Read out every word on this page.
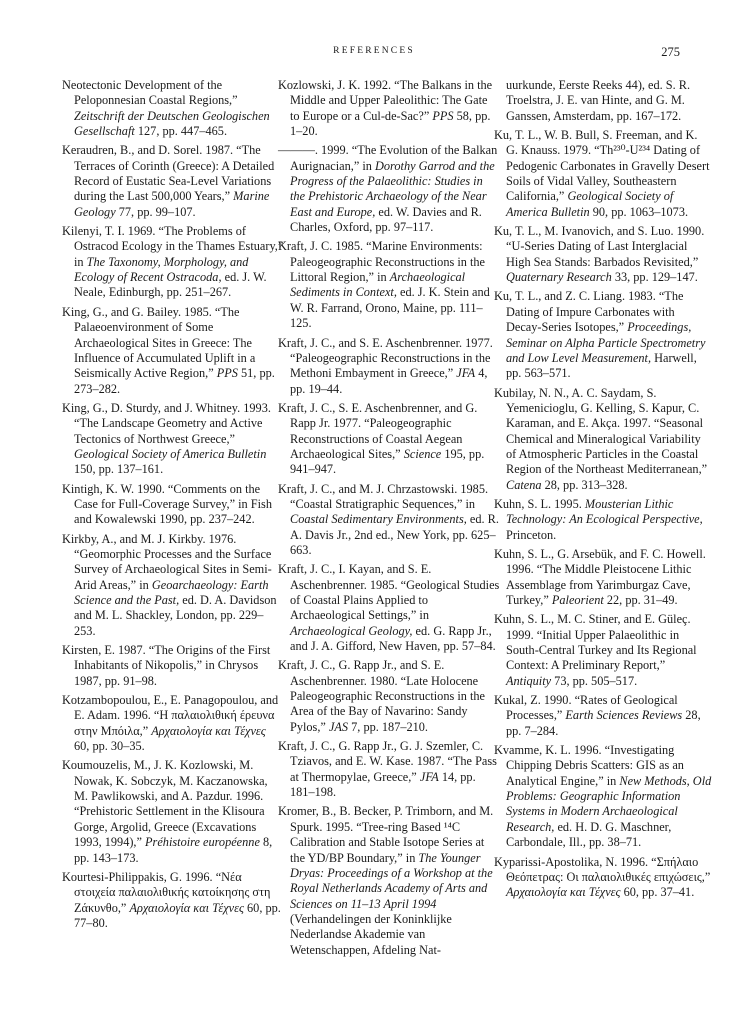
REFERENCES	275

Neotectonic Development of the Peloponnesian Coastal Regions,” Zeitschrift der Deutschen Geologischen Gesellschaft 127, pp. 447–465.

Keraudren, B., and D. Sorel. 1987. “The Terraces of Corinth (Greece): A Detailed Record of Eustatic Sea-Level Variations during the Last 500,000 Years,” Marine Geology 77, pp. 99–107.

Kilenyi, T. I. 1969. “The Problems of Ostracod Ecology in the Thames Estuary,” in The Taxonomy, Morphology, and Ecology of Recent Ostracoda, ed. J. W. Neale, Edinburgh, pp. 251–267.

King, G., and G. Bailey. 1985. “The Palaeoenvironment of Some Archaeological Sites in Greece: The Influence of Accumulated Uplift in a Seismically Active Region,” PPS 51, pp. 273–282.

King, G., D. Sturdy, and J. Whitney. 1993. “The Landscape Geometry and Active Tectonics of Northwest Greece,” Geological Society of America Bulletin 150, pp. 137–161.

Kintigh, K. W. 1990. “Comments on the Case for Full-Coverage Survey,” in Fish and Kowalewski 1990, pp. 237–242.

Kirkby, A., and M. J. Kirkby. 1976. “Geomorphic Processes and the Surface Survey of Archaeological Sites in Semi-Arid Areas,” in Geoarchaeology: Earth Science and the Past, ed. D. A. Davidson and M. L. Shackley, London, pp. 229–253.

Kirsten, E. 1987. “The Origins of the First Inhabitants of Nikopolis,” in Chrysos 1987, pp. 91–98.

Kotzambopoulou, E., E. Panagopoulou, and E. Adam. 1996. “Η παλαιολιθική έρευνα στην Μπόιλα,” Αρχαιολογία και Τέχνες 60, pp. 30–35.

Koumouzelis, M., J. K. Kozlowski, M. Nowak, K. Sobczyk, M. Kaczanowska, M. Pawlikowski, and A. Pazdur. 1996. “Prehistoric Settlement in the Klisoura Gorge, Argolid, Greece (Excavations 1993, 1994),” Préhistoire européenne 8, pp. 143–173.

Kourtesi-Philippakis, G. 1996. “Νέα στοιχεία παλαιολιθικής κατοίκησης στη Ζάκυνθο,” Αρχαιολογία και Τέχνες 60, pp. 77–80.

Kozlowski, J. K. 1992. “The Balkans in the Middle and Upper Paleolithic: The Gate to Europe or a Cul-de-Sac?” PPS 58, pp. 1–20.

———. 1999. “The Evolution of the Balkan Aurignacian,” in Dorothy Garrod and the Progress of the Palaeolithic: Studies in the Prehistoric Archaeology of the Near East and Europe, ed. W. Davies and R. Charles, Oxford, pp. 97–117.

Kraft, J. C. 1985. “Marine Environments: Paleogeographic Reconstructions in the Littoral Region,” in Archaeological Sediments in Context, ed. J. K. Stein and W. R. Farrand, Orono, Maine, pp. 111–125.

Kraft, J. C., and S. E. Aschenbrenner. 1977. “Paleogeographic Reconstructions in the Methoni Embayment in Greece,” JFA 4, pp. 19–44.

Kraft, J. C., S. E. Aschenbrenner, and G. Rapp Jr. 1977. “Paleogeographic Reconstructions of Coastal Aegean Archaeological Sites,” Science 195, pp. 941–947.

Kraft, J. C., and M. J. Chrzastowski. 1985. “Coastal Stratigraphic Sequences,” in Coastal Sedimentary Environments, ed. R. A. Davis Jr., 2nd ed., New York, pp. 625–663.

Kraft, J. C., I. Kayan, and S. E. Aschenbrenner. 1985. “Geological Studies of Coastal Plains Applied to Archaeological Settings,” in Archaeological Geology, ed. G. Rapp Jr., and J. A. Gifford, New Haven, pp. 57–84.

Kraft, J. C., G. Rapp Jr., and S. E. Aschenbrenner. 1980. “Late Holocene Paleogeographic Reconstructions in the Area of the Bay of Navarino: Sandy Pylos,” JAS 7, pp. 187–210.

Kraft, J. C., G. Rapp Jr., G. J. Szemler, C. Tziavos, and E. W. Kase. 1987. “The Pass at Thermopylae, Greece,” JFA 14, pp. 181–198.

Kromer, B., B. Becker, P. Trimborn, and M. Spurk. 1995. “Tree-ring Based ¹⁴C Calibration and Stable Isotope Series at the YD/BP Boundary,” in The Younger Dryas: Proceedings of a Workshop at the Royal Netherlands Academy of Arts and Sciences on 11–13 April 1994 (Verhandelingen der Koninklijke Nederlandse Akademie van Wetenschappen, Afdeling Nat-

uurkunde, Eerste Reeks 44), ed. S. R. Troelstra, J. E. van Hinte, and G. M. Ganssen, Amsterdam, pp. 167–172.

Ku, T. L., W. B. Bull, S. Freeman, and K. G. Knauss. 1979. “Th²³⁰-U²³⁴ Dating of Pedogenic Carbonates in Gravelly Desert Soils of Vidal Valley, Southeastern California,” Geological Society of America Bulletin 90, pp. 1063–1073.

Ku, T. L., M. Ivanovich, and S. Luo. 1990. “U-Series Dating of Last Interglacial High Sea Stands: Barbados Revisited,” Quaternary Research 33, pp. 129–147.

Ku, T. L., and Z. C. Liang. 1983. “The Dating of Impure Carbonates with Decay-Series Isotopes,” Proceedings, Seminar on Alpha Particle Spectrometry and Low Level Measurement, Harwell, pp. 563–571.

Kubilay, N. N., A. C. Saydam, S. Yemenicioglu, G. Kelling, S. Kapur, C. Karaman, and E. Akça. 1997. “Seasonal Chemical and Mineralogical Variability of Atmospheric Particles in the Coastal Region of the Northeast Mediterranean,” Catena 28, pp. 313–328.

Kuhn, S. L. 1995. Mousterian Lithic Technology: An Ecological Perspective, Princeton.

Kuhn, S. L., G. Arsebük, and F. C. Howell. 1996. “The Middle Pleistocene Lithic Assemblage from Yarimburgaz Cave, Turkey,” Paleorient 22, pp. 31–49.

Kuhn, S. L., M. C. Stiner, and E. Güleç. 1999. “Initial Upper Palaeolithic in South-Central Turkey and Its Regional Context: A Preliminary Report,” Antiquity 73, pp. 505–517.

Kukal, Z. 1990. “Rates of Geological Processes,” Earth Sciences Reviews 28, pp. 7–284.

Kvamme, K. L. 1996. “Investigating Chipping Debris Scatters: GIS as an Analytical Engine,” in New Methods, Old Problems: Geographic Information Systems in Modern Archaeological Research, ed. H. D. G. Maschner, Carbondale, Ill., pp. 38–71.

Kyparissi-Apostolika, N. 1996. “Σπήλαιο Θεόπετρας: Οι παλαιολιθικές επιχώσεις,” Αρχαιολογία και Τέχνες 60, pp. 37–41.
